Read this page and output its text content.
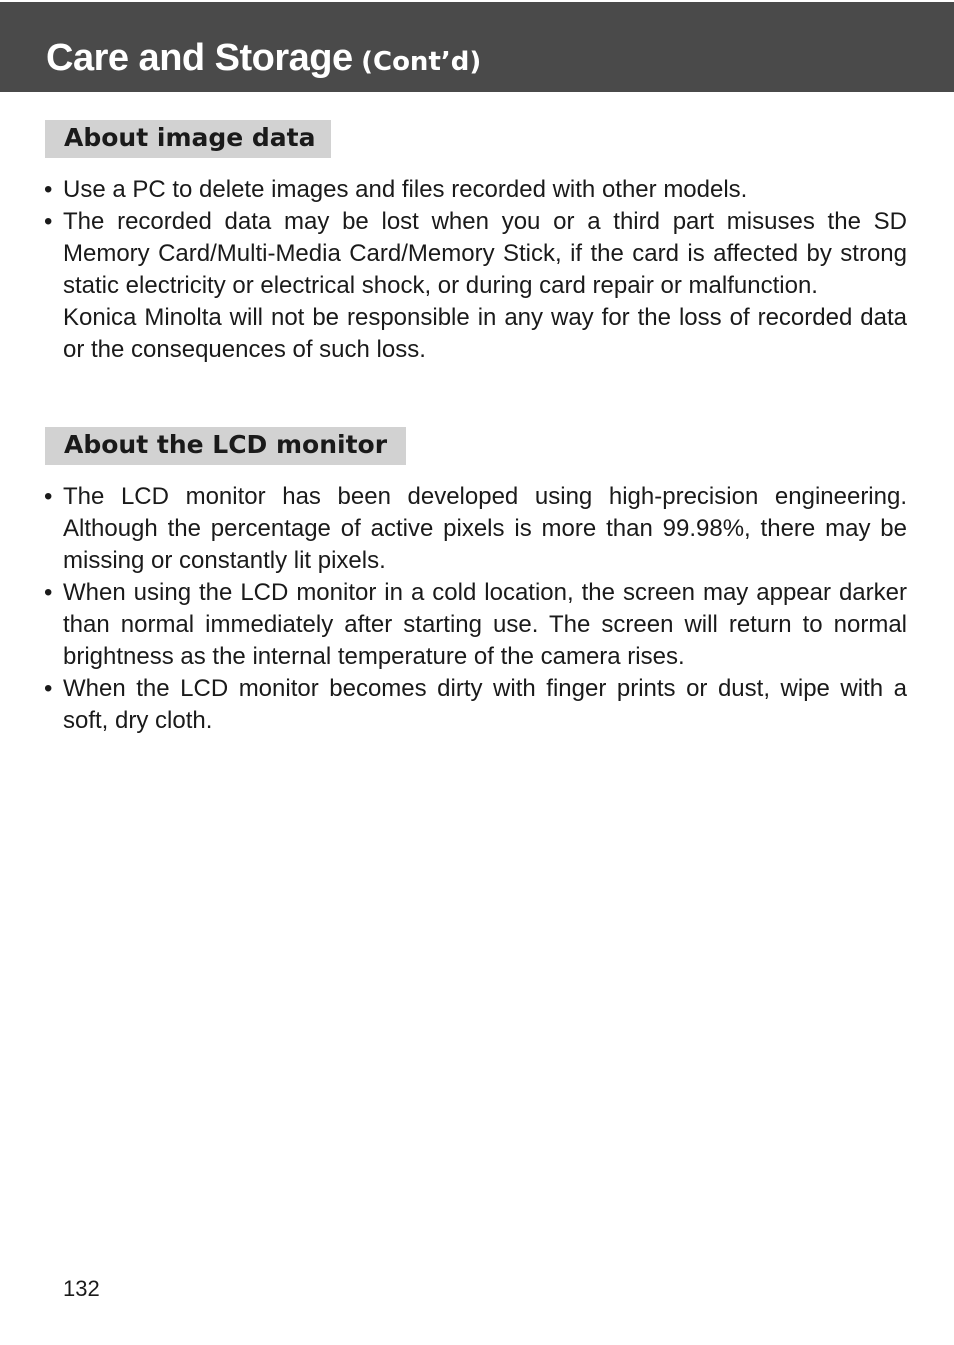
Care and Storage (Cont’d)
About image data
• Use a PC to delete images and files recorded with other models.

• The recorded data may be lost when you or a third part misuses the SD Memory Card/Multi-Media Card/Memory Stick, if the card is affected by strong static electricity or electrical shock, or during card repair or malfunction.

Konica Minolta will not be responsible in any way for the loss of recorded data or the consequences of such loss.

About the LCD monitor
• The LCD monitor has been developed using high-precision engineering. Although the percentage of active pixels is more than 99.98%, there may be missing or constantly lit pixels.

• When using the LCD monitor in a cold location, the screen may appear darker than normal immediately after starting use. The screen will return to normal brightness as the internal temperature of the camera rises.

• When the LCD monitor becomes dirty with finger prints or dust, wipe with a soft, dry cloth.

132
